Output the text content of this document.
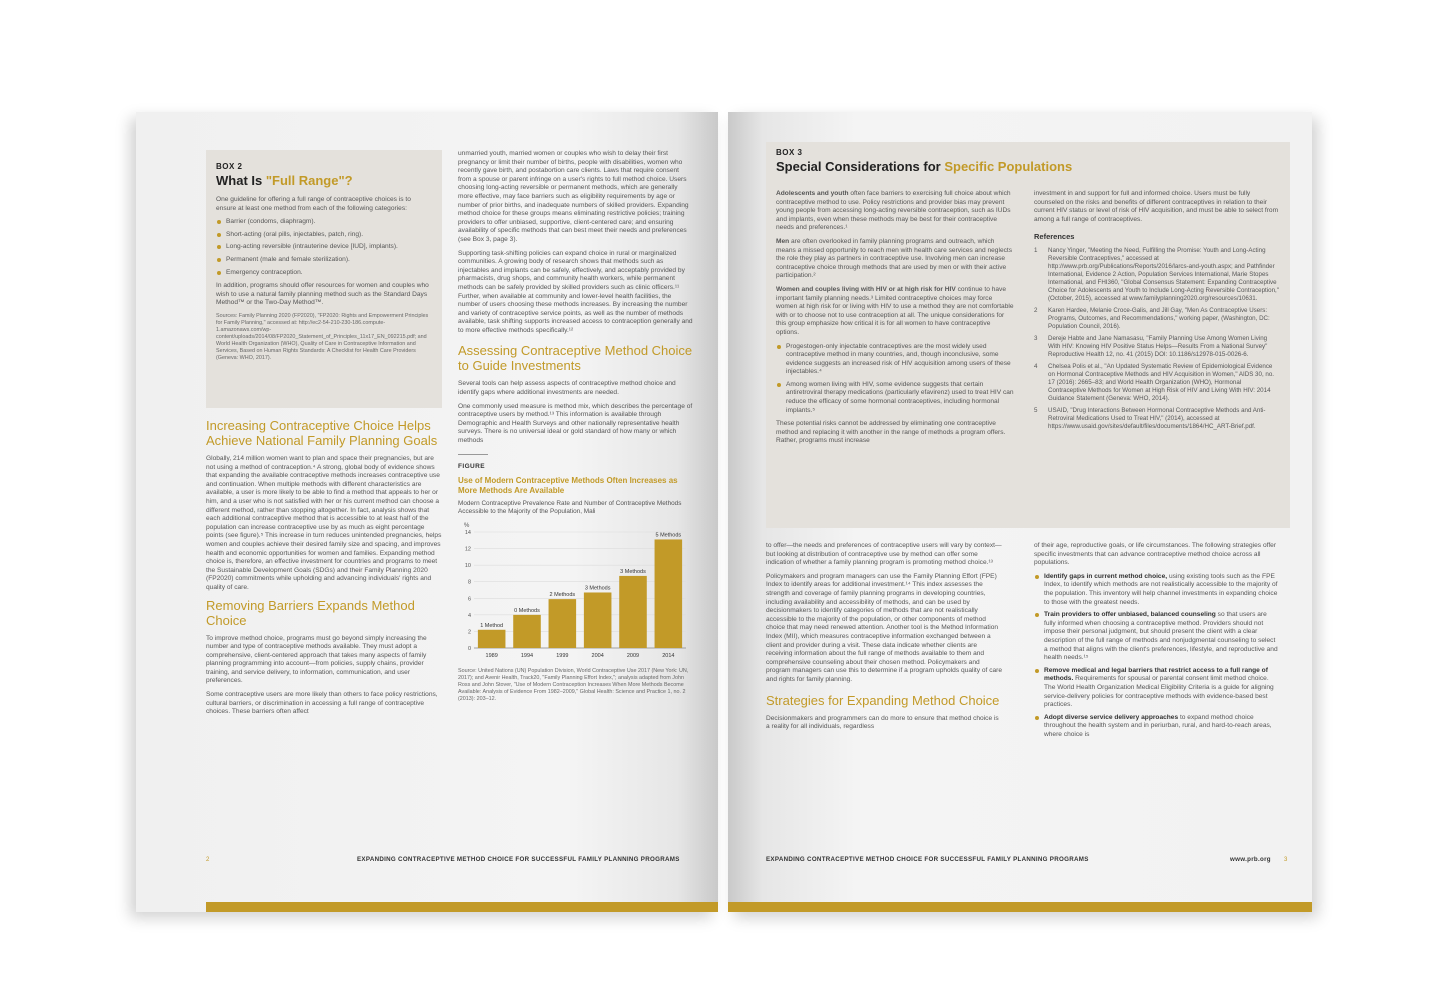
BOX 2
What Is "Full Range"?

One guideline for offering a full range of contraceptive choices is to ensure at least one method from each of the following categories:

Barrier (condoms, diaphragm).
Short-acting (oral pills, injectables, patch, ring).
Long-acting reversible (intrauterine device [IUD], implants).
Permanent (male and female sterilization).
Emergency contraception.

In addition, programs should offer resources for women and couples who wish to use a natural family planning method such as the Standard Days Method™ or the Two-Day Method™.

Sources: Family Planning 2020 (FP2020), "FP2020: Rights and Empowerment Principles for Family Planning," accessed at: http://ec2-54-210-230-186.compute-1.amazonaws.com/wp-content/uploads/2014/08/FP2020_Statement_of_Principles_11x17_EN_092215.pdf; and World Health Organization (WHO), Quality of Care in Contraceptive Information and Services, Based on Human Rights Standards: A Checklist for Health Care Providers (Geneva: WHO, 2017).
Increasing Contraceptive Choice Helps Achieve National Family Planning Goals

Globally, 214 million women want to plan and space their pregnancies, but are not using a method of contraception.⁴ A strong, global body of evidence shows that expanding the available contraceptive methods increases contraceptive use and continuation. When multiple methods with different characteristics are available, a user is more likely to be able to find a method that appeals to her or him, and a user who is not satisfied with her or his current method can choose a different method, rather than stopping altogether. In fact, analysis shows that each additional contraceptive method that is accessible to at least half of the population can increase contraceptive use by as much as eight percentage points (see figure).⁵ This increase in turn reduces unintended pregnancies, helps women and couples achieve their desired family size and spacing, and improves health and economic opportunities for women and families. Expanding method choice is, therefore, an effective investment for countries and programs to meet the Sustainable Development Goals (SDGs) and their Family Planning 2020 (FP2020) commitments while upholding and advancing individuals' rights and quality of care.

Removing Barriers Expands Method Choice

To improve method choice, programs must go beyond simply increasing the number and type of contraceptive methods available. They must adopt a comprehensive, client-centered approach that takes many aspects of family planning programming into account—from policies, supply chains, provider training, and service delivery, to information, communication, and user preferences.

Some contraceptive users are more likely than others to face policy restrictions, cultural barriers, or discrimination in accessing a full range of contraceptive choices. These barriers often affect

unmarried youth, married women or couples who wish to delay their first pregnancy or limit their number of births, people with disabilities, women who recently gave birth, and postabortion care clients. Laws that require consent from a spouse or parent infringe on a user's rights to full method choice. Users choosing long-acting reversible or permanent methods, which are generally more effective, may face barriers such as eligibility requirements by age or number of prior births, and inadequate numbers of skilled providers. Expanding method choice for these groups means eliminating restrictive policies; training providers to offer unbiased, supportive, client-centered care; and ensuring availability of specific methods that can best meet their needs and preferences (see Box 3, page 3).

Supporting task-shifting policies can expand choice in rural or marginalized communities. A growing body of research shows that methods such as injectables and implants can be safely, effectively, and acceptably provided by pharmacists, drug shops, and community health workers, while permanent methods can be safely provided by skilled providers such as clinic officers.¹¹ Further, when available at community and lower-level health facilities, the number of users choosing these methods increases. By increasing the number and variety of contraceptive service points, as well as the number of methods available, task shifting supports increased access to contraception generally and to more effective methods specifically.¹²

Assessing Contraceptive Method Choice to Guide Investments

Several tools can help assess aspects of contraceptive method choice and identify gaps where additional investments are needed.

One commonly used measure is method mix, which describes the percentage of contraceptive users by method.¹³ This information is available through Demographic and Health Surveys and other nationally representative health surveys. There is no universal ideal or gold standard of how many or which methods

FIGURE
Use of Modern Contraceptive Methods Often Increases as More Methods Are Available
Modern Contraceptive Prevalence Rate and Number of Contraceptive Methods Accessible to the Majority of the Population, Mali
%
0
2
4
6
8
10
12
14
1 Method
1989
0 Methods
1994
2 Methods
1999
3 Methods
2004
3 Methods
2009
5 Methods
2014
Source: United Nations (UN) Population Division, World Contraceptive Use 2017 (New York: UN, 2017); and Avenir Health, Track20, "Family Planning Effort Index,"; analysis adapted from John Ross and John Stover, "Use of Modern Contraception Increases When More Methods Become Available: Analysis of Evidence From 1982–2009," Global Health: Science and Practice 1, no. 2 (2013): 203–12.
2	EXPANDING CONTRACEPTIVE METHOD CHOICE FOR SUCCESSFUL FAMILY PLANNING PROGRAMS
BOX 3
Special Considerations for Specific Populations

Adolescents and youth often face barriers to exercising full choice about which contraceptive method to use. Policy restrictions and provider bias may prevent young people from accessing long-acting reversible contraception, such as IUDs and implants, even when these methods may be best for their contraceptive needs and preferences.¹

Men are often overlooked in family planning programs and outreach, which means a missed opportunity to reach men with health care services and neglects the role they play as partners in contraceptive use. Involving men can increase contraceptive choice through methods that are used by men or with their active participation.²

Women and couples living with HIV or at high risk for HIV continue to have important family planning needs.³ Limited contraceptive choices may force women at high risk for or living with HIV to use a method they are not comfortable with or to choose not to use contraception at all. The unique considerations for this group emphasize how critical it is for all women to have contraceptive options.

Progestogen-only injectable contraceptives are the most widely used contraceptive method in many countries, and, though inconclusive, some evidence suggests an increased risk of HIV acquisition among users of these injectables.⁴
Among women living with HIV, some evidence suggests that certain antiretroviral therapy medications (particularly efavirenz) used to treat HIV can reduce the efficacy of some hormonal contraceptives, including hormonal implants.⁵

These potential risks cannot be addressed by eliminating one contraceptive method and replacing it with another in the range of methods a program offers. Rather, programs must increase

investment in and support for full and informed choice. Users must be fully counseled on the risks and benefits of different contraceptives in relation to their current HIV status or level of risk of HIV acquisition, and must be able to select from among a full range of contraceptives.

References
1 Nancy Yinger, "Meeting the Need, Fulfilling the Promise: Youth and Long-Acting Reversible Contraceptives," accessed at http://www.prb.org/Publications/Reports/2016/larcs-and-youth.aspx; and Pathfinder International, Evidence 2 Action, Population Services International, Marie Stopes International, and FHI360, "Global Consensus Statement: Expanding Contraceptive Choice for Adolescents and Youth to Include Long-Acting Reversible Contraception," (October, 2015), accessed at www.familyplanning2020.org/resources/10631.
2 Karen Hardee, Melanie Croce-Galis, and Jill Gay, "Men As Contraceptive Users: Programs, Outcomes, and Recommendations," working paper, (Washington, DC: Population Council, 2016).
3 Dereje Habte and Jane Namasasu, "Family Planning Use Among Women Living With HIV: Knowing HIV Positive Status Helps—Results From a National Survey" Reproductive Health 12, no. 41 (2015) DOI: 10.1186/s12978-015-0026-6.
4 Chelsea Polis et al., "An Updated Systematic Review of Epidemiological Evidence on Hormonal Contraceptive Methods and HIV Acquisition in Women," AIDS 30, no. 17 (2016): 2665–83; and World Health Organization (WHO), Hormonal Contraceptive Methods for Women at High Risk of HIV and Living With HIV: 2014 Guidance Statement (Geneva: WHO, 2014).
5 USAID, "Drug Interactions Between Hormonal Contraceptive Methods and Anti-Retroviral Medications Used to Treat HIV," (2014), accessed at https://www.usaid.gov/sites/default/files/documents/1864/HC_ART-Brief.pdf.

to offer—the needs and preferences of contraceptive users will vary by context—but looking at distribution of contraceptive use by method can offer some indication of whether a family planning program is promoting method choice.¹³

Policymakers and program managers can use the Family Planning Effort (FPE) Index to identify areas for additional investment.¹⁴ This index assesses the strength and coverage of family planning programs in developing countries, including availability and accessibility of methods, and can be used by decisionmakers to identify categories of methods that are not realistically accessible to the majority of the population, or other components of method choice that may need renewed attention. Another tool is the Method Information Index (MII), which measures contraceptive information exchanged between a client and provider during a visit. These data indicate whether clients are receiving information about the full range of methods available to them and comprehensive counseling about their chosen method. Policymakers and program managers can use this to determine if a program upholds quality of care and rights for family planning.

Strategies for Expanding Method Choice

Decisionmakers and programmers can do more to ensure that method choice is a reality for all individuals, regardless

of their age, reproductive goals, or life circumstances. The following strategies offer specific investments that can advance contraceptive method choice across all populations.

Identify gaps in current method choice, using existing tools such as the FPE Index, to identify which methods are not realistically accessible to the majority of the population. This inventory will help channel investments in expanding choice to those with the greatest needs.
Train providers to offer unbiased, balanced counseling so that users are fully informed when choosing a contraceptive method. Providers should not impose their personal judgment, but should present the client with a clear description of the full range of methods and nonjudgmental counseling to select a method that aligns with the client's preferences, lifestyle, and reproductive and health needs.¹⁵
Remove medical and legal barriers that restrict access to a full range of methods. Requirements for spousal or parental consent limit method choice. The World Health Organization Medical Eligibility Criteria is a guide for aligning service-delivery policies for contraceptive methods with evidence-based best practices.
Adopt diverse service delivery approaches to expand method choice throughout the health system and in periurban, rural, and hard-to-reach areas, where choice is
EXPANDING CONTRACEPTIVE METHOD CHOICE FOR SUCCESSFUL FAMILY PLANNING PROGRAMS	www.prb.org 3
